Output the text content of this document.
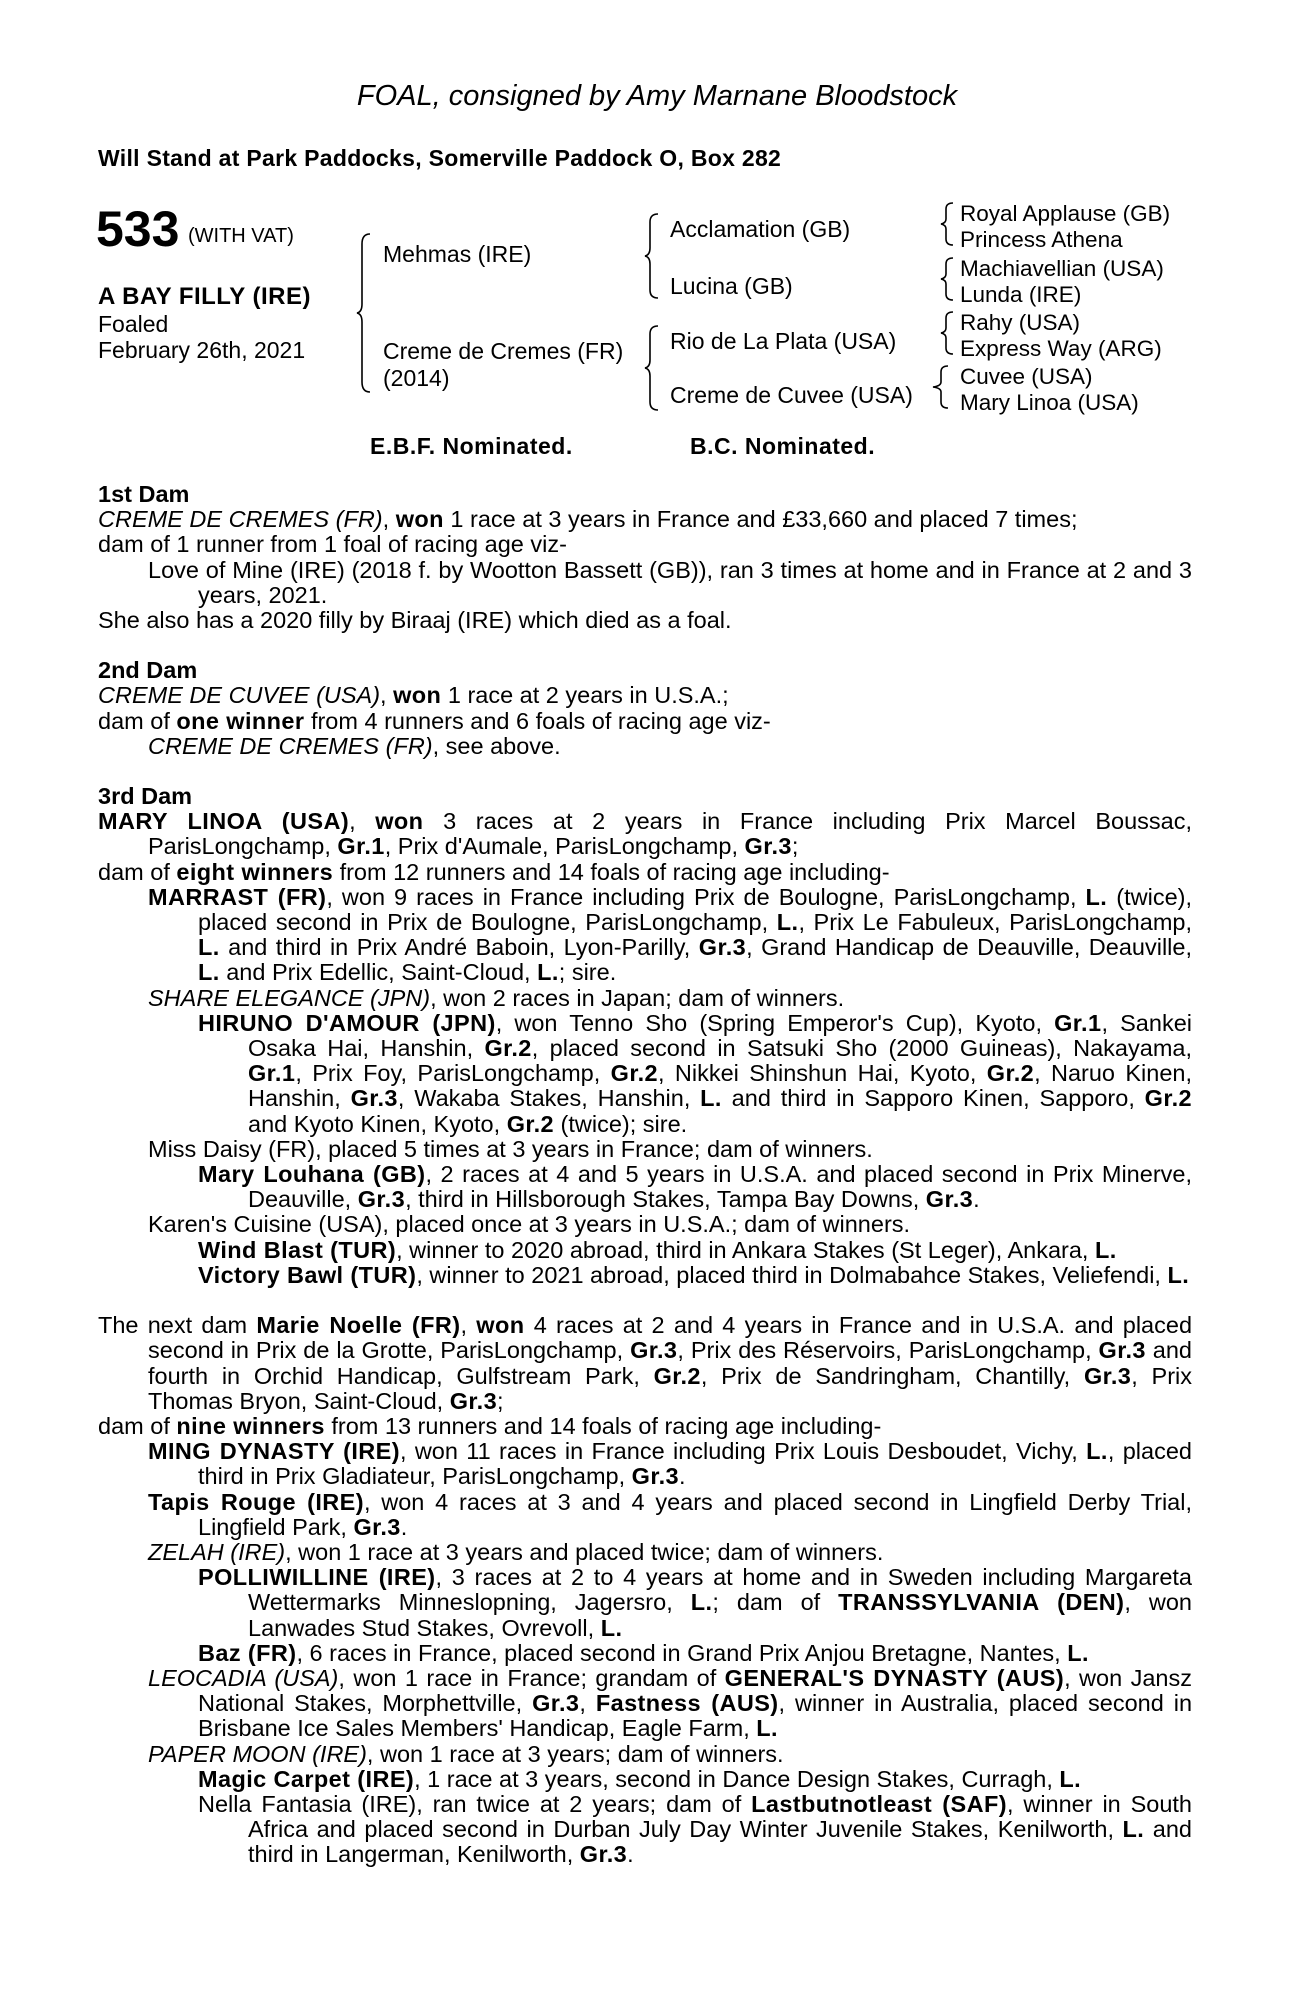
FOAL, consigned by Amy Marnane Bloodstock
Will Stand at Park Paddocks, Somerville Paddock O, Box 282
533 (WITH VAT)
A BAY FILLY (IRE)
Foaled
February 26th, 2021
Mehmas (IRE)
Creme de Cremes (FR)
(2014)
Acclamation (GB)
Lucina (GB)
Rio de La Plata (USA)
Creme de Cuvee (USA)
Royal Applause (GB)
Princess Athena
Machiavellian (USA)
Lunda (IRE)
Rahy (USA)
Express Way (ARG)
Cuvee (USA)
Mary Linoa (USA)
E.B.F. Nominated.	B.C. Nominated.

1st Dam

CREME DE CREMES (FR), won 1 race at 3 years in France and £33,660 and placed 7 times;

dam of 1 runner from 1 foal of racing age viz-

Love of Mine (IRE) (2018 f. by Wootton Bassett (GB)), ran 3 times at home and in France at 2 and 3 years, 2021.

She also has a 2020 filly by Biraaj (IRE) which died as a foal.

2nd Dam

CREME DE CUVEE (USA), won 1 race at 2 years in U.S.A.;

dam of one winner from 4 runners and 6 foals of racing age viz-

CREME DE CREMES (FR), see above.

3rd Dam

MARY LINOA (USA), won 3 races at 2 years in France including Prix Marcel Boussac, ParisLongchamp, Gr.1, Prix d'Aumale, ParisLongchamp, Gr.3;

dam of eight winners from 12 runners and 14 foals of racing age including-

MARRAST (FR), won 9 races in France including Prix de Boulogne, ParisLongchamp, L. (twice), placed second in Prix de Boulogne, ParisLongchamp, L., Prix Le Fabuleux, ParisLongchamp, L. and third in Prix André Baboin, Lyon-Parilly, Gr.3, Grand Handicap de Deauville, Deauville, L. and Prix Edellic, Saint-Cloud, L.; sire.

SHARE ELEGANCE (JPN), won 2 races in Japan; dam of winners.

HIRUNO D'AMOUR (JPN), won Tenno Sho (Spring Emperor's Cup), Kyoto, Gr.1, Sankei Osaka Hai, Hanshin, Gr.2, placed second in Satsuki Sho (2000 Guineas), Nakayama, Gr.1, Prix Foy, ParisLongchamp, Gr.2, Nikkei Shinshun Hai, Kyoto, Gr.2, Naruo Kinen, Hanshin, Gr.3, Wakaba Stakes, Hanshin, L. and third in Sapporo Kinen, Sapporo, Gr.2 and Kyoto Kinen, Kyoto, Gr.2 (twice); sire.

Miss Daisy (FR), placed 5 times at 3 years in France; dam of winners.

Mary Louhana (GB), 2 races at 4 and 5 years in U.S.A. and placed second in Prix Minerve, Deauville, Gr.3, third in Hillsborough Stakes, Tampa Bay Downs, Gr.3.

Karen's Cuisine (USA), placed once at 3 years in U.S.A.; dam of winners.

Wind Blast (TUR), winner to 2020 abroad, third in Ankara Stakes (St Leger), Ankara, L.

Victory Bawl (TUR), winner to 2021 abroad, placed third in Dolmabahce Stakes, Veliefendi, L.

The next dam Marie Noelle (FR), won 4 races at 2 and 4 years in France and in U.S.A. and placed second in Prix de la Grotte, ParisLongchamp, Gr.3, Prix des Réservoirs, ParisLongchamp, Gr.3 and fourth in Orchid Handicap, Gulfstream Park, Gr.2, Prix de Sandringham, Chantilly, Gr.3, Prix Thomas Bryon, Saint-Cloud, Gr.3;

dam of nine winners from 13 runners and 14 foals of racing age including-

MING DYNASTY (IRE), won 11 races in France including Prix Louis Desboudet, Vichy, L., placed third in Prix Gladiateur, ParisLongchamp, Gr.3.

Tapis Rouge (IRE), won 4 races at 3 and 4 years and placed second in Lingfield Derby Trial, Lingfield Park, Gr.3.

ZELAH (IRE), won 1 race at 3 years and placed twice; dam of winners.

POLLIWILLINE (IRE), 3 races at 2 to 4 years at home and in Sweden including Margareta Wettermarks Minneslopning, Jagersro, L.; dam of TRANSSYLVANIA (DEN), won Lanwades Stud Stakes, Ovrevoll, L.

Baz (FR), 6 races in France, placed second in Grand Prix Anjou Bretagne, Nantes, L.

LEOCADIA (USA), won 1 race in France; grandam of GENERAL'S DYNASTY (AUS), won Jansz National Stakes, Morphettville, Gr.3, Fastness (AUS), winner in Australia, placed second in Brisbane Ice Sales Members' Handicap, Eagle Farm, L.

PAPER MOON (IRE), won 1 race at 3 years; dam of winners.

Magic Carpet (IRE), 1 race at 3 years, second in Dance Design Stakes, Curragh, L.

Nella Fantasia (IRE), ran twice at 2 years; dam of Lastbutnotleast (SAF), winner in South Africa and placed second in Durban July Day Winter Juvenile Stakes, Kenilworth, L. and third in Langerman, Kenilworth, Gr.3.
